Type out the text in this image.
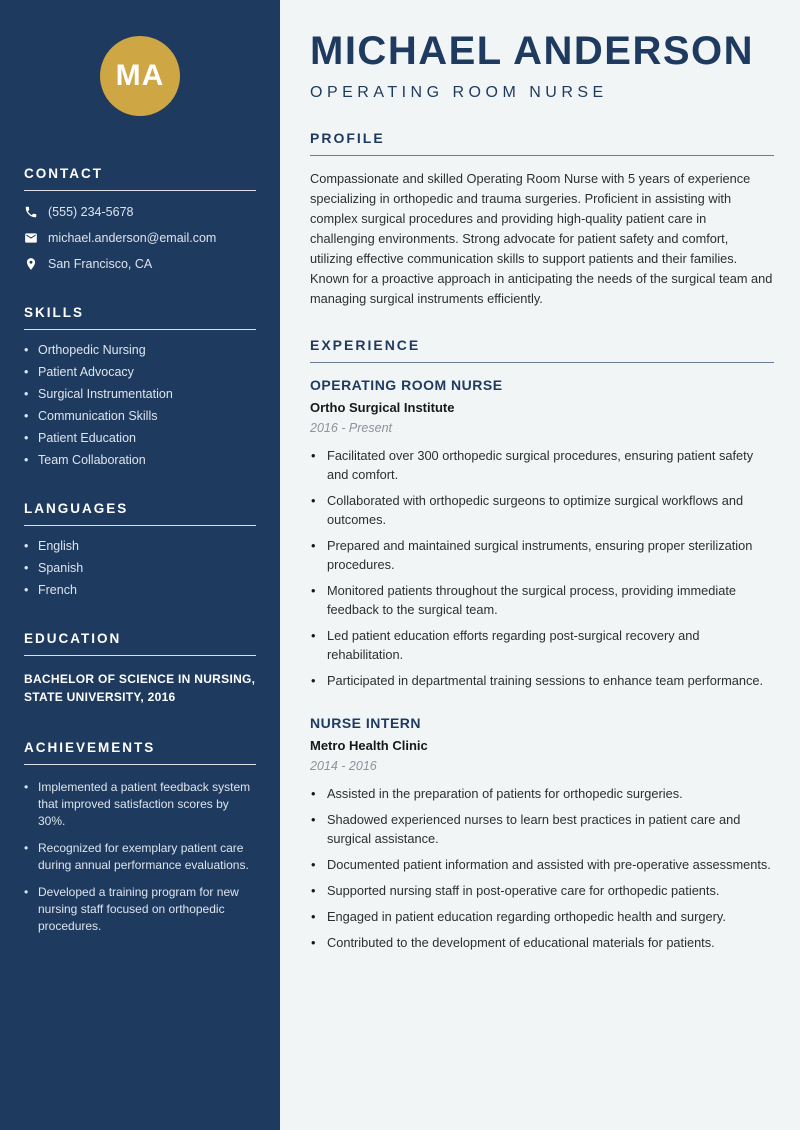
MA
CONTACT
(555) 234-5678
michael.anderson@email.com
San Francisco, CA
SKILLS
• Orthopedic Nursing
• Patient Advocacy
• Surgical Instrumentation
• Communication Skills
• Patient Education
• Team Collaboration
LANGUAGES
• English
• Spanish
• French
EDUCATION

BACHELOR OF SCIENCE IN NURSING, STATE UNIVERSITY, 2016

ACHIEVEMENTS
• Implemented a patient feedback system that improved satisfaction scores by 30%.
• Recognized for exemplary patient care during annual performance evaluations.
• Developed a training program for new nursing staff focused on orthopedic procedures.
MICHAEL ANDERSON
OPERATING ROOM NURSE
PROFILE

Compassionate and skilled Operating Room Nurse with 5 years of experience specializing in orthopedic and trauma surgeries. Proficient in assisting with complex surgical procedures and providing high-quality patient care in challenging environments. Strong advocate for patient safety and comfort, utilizing effective communication skills to support patients and their families. Known for a proactive approach in anticipating the needs of the surgical team and managing surgical instruments efficiently.

EXPERIENCE
OPERATING ROOM NURSE
Ortho Surgical Institute
2016 - Present
• Facilitated over 300 orthopedic surgical procedures, ensuring patient safety and comfort.
• Collaborated with orthopedic surgeons to optimize surgical workflows and outcomes.
• Prepared and maintained surgical instruments, ensuring proper sterilization procedures.
• Monitored patients throughout the surgical process, providing immediate feedback to the surgical team.
• Led patient education efforts regarding post-surgical recovery and rehabilitation.
• Participated in departmental training sessions to enhance team performance.
NURSE INTERN
Metro Health Clinic
2014 - 2016
• Assisted in the preparation of patients for orthopedic surgeries.
• Shadowed experienced nurses to learn best practices in patient care and surgical assistance.
• Documented patient information and assisted with pre-operative assessments.
• Supported nursing staff in post-operative care for orthopedic patients.
• Engaged in patient education regarding orthopedic health and surgery.
• Contributed to the development of educational materials for patients.
